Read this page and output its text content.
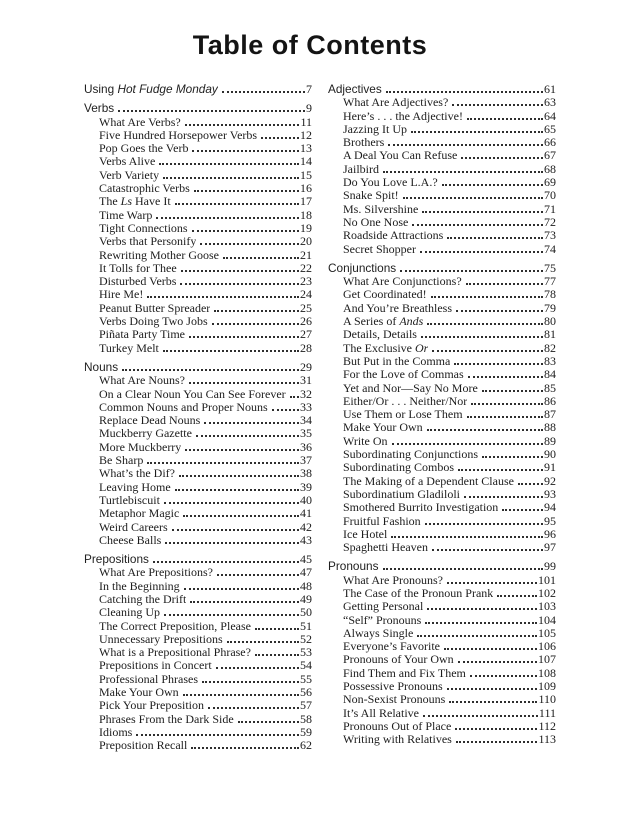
Table of Contents
Using Hot Fudge Monday	7
Verbs	9
What Are Verbs?	11
Five Hundred Horsepower Verbs	12
Pop Goes the Verb	13
Verbs Alive	14
Verb Variety	15
Catastrophic Verbs	16
The Ls Have It	17
Time Warp	18
Tight Connections	19
Verbs that Personify	20
Rewriting Mother Goose	21
It Tolls for Thee	22
Disturbed Verbs	23
Hire Me!	24
Peanut Butter Spreader	25
Verbs Doing Two Jobs	26
Piñata Party Time	27
Turkey Melt	28
Nouns	29
What Are Nouns?	31
On a Clear Noun You Can See Forever 32
Common Nouns and Proper Nouns	33
Replace Dead Nouns	34
Muckberry Gazette	35
More Muckberry	36
Be Sharp	37
What’s the Dif?	38
Leaving Home	39
Turtlebiscuit	40
Metaphor Magic	41
Weird Careers	42
Cheese Balls	43
Prepositions	45
What Are Prepositions?	47
In the Beginning	48
Catching the Drift	49
Cleaning Up	50
The Correct Preposition, Please	51
Unnecessary Prepositions	52
What is a Prepositional Phrase?	53
Prepositions in Concert	54
Professional Phrases	55
Make Your Own	56
Pick Your Preposition	57
Phrases From the Dark Side	58
Idioms	59
Preposition Recall	62
Adjectives	61
What Are Adjectives?	63
Here’s . . . the Adjective!	64
Jazzing It Up	65
Brothers	66
A Deal You Can Refuse	67
Jailbird	68
Do You Love L.A.?	69
Snake Spit!	70
Ms. Silvershine	71
No One Nose	72
Roadside Attractions	73
Secret Shopper	74
Conjunctions	75
What Are Conjunctions?	77
Get Coordinated!	78
And You’re Breathless	79
A Series of Ands	80
Details, Details	81
The Exclusive Or	82
But Put in the Comma	83
For the Love of Commas	84
Yet and Nor—Say No More	85
Either/Or . . . Neither/Nor	86
Use Them or Lose Them	87
Make Your Own	88
Write On	89
Subordinating Conjunctions	90
Subordinating Combos	91
The Making of a Dependent Clause	92
Subordinatium Gladiloli	93
Smothered Burrito Investigation	94
Fruitful Fashion	95
Ice Hotel	96
Spaghetti Heaven	97
Pronouns	99
What Are Pronouns?	101
The Case of the Pronoun Prank	102
Getting Personal	103
“Self” Pronouns	104
Always Single	105
Everyone’s Favorite	106
Pronouns of Your Own	107
Find Them and Fix Them	108
Possessive Pronouns	109
Non-Sexist Pronouns	110
It’s All Relative	111
Pronouns Out of Place	112
Writing with Relatives	113
